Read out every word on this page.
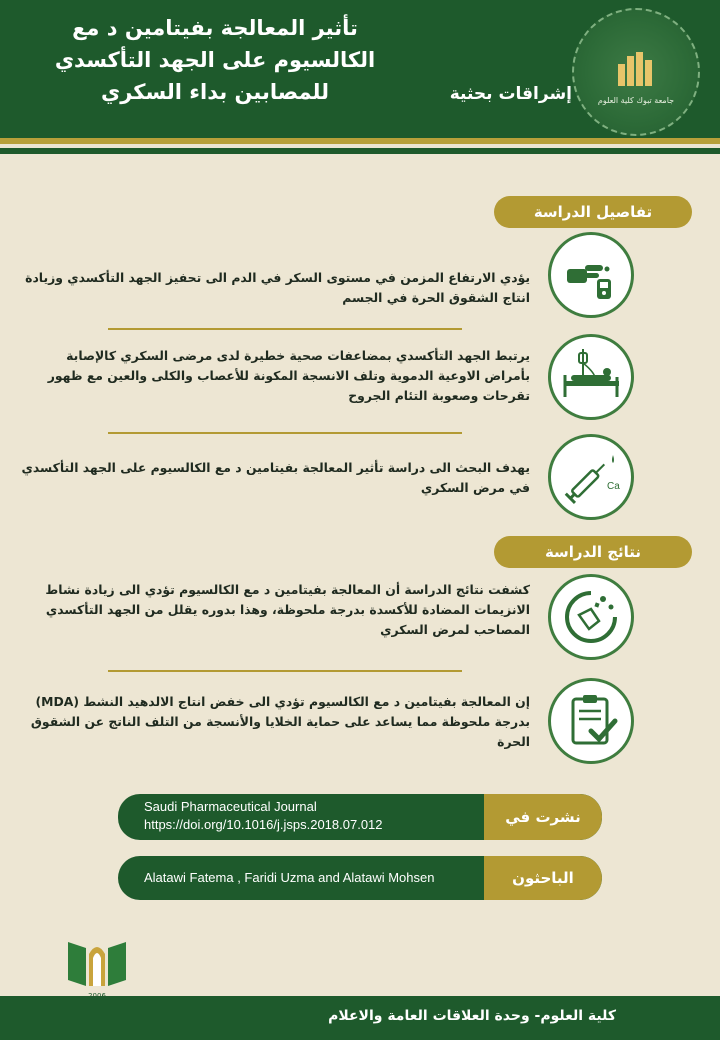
تأثير المعالجة بفيتامين د مع
الكالسيوم على الجهد التأكسدي
للمصابين بداء السكري	إشراقات بحثية	جامعة تبوك كلية العلوم
تفاصيل الدراسة
يؤدي الارتفاع المزمن في مستوى السكر في الدم الى تحفيز الجهد التأكسدي وزيادة انتاج الشقوق الحرة في الجسم
يرتبط الجهد التأكسدي بمضاعفات صحية خطيرة لدى مرضى السكري كالإصابة بأمراض الاوعية الدموية وتلف الانسجة المكونة للأعصاب والكلى والعين مع ظهور تقرحات وصعوبة التئام الجروح
يهدف البحث الى دراسة تأثير المعالجة بفيتامين د مع الكالسيوم على الجهد التأكسدي في مرض السكري	Ca
نتائج الدراسة
كشفت نتائج الدراسة أن المعالجة بفيتامين د مع الكالسيوم تؤدي الى زيادة نشاط الانزيمات المضادة للأكسدة بدرجة ملحوظة، وهذا بدوره يقلل من الجهد التأكسدي المصاحب لمرض السكري
إن المعالجة بفيتامين د مع الكالسيوم تؤدي الى خفض انتاج الالدهيد النشط (MDA) بدرجة ملحوظة مما يساعد على حماية الخلايا والأنسجة من التلف الناتج عن الشقوق الحرة
نشرت في
Saudi Pharmaceutical Journal
https://doi.org/10.1016/j.jsps.2018.07.012
الباحثون
Alatawi Fatema , Faridi Uzma and Alatawi Mohsen
كلية العلوم- وحدة العلاقات العامة والاعلام
